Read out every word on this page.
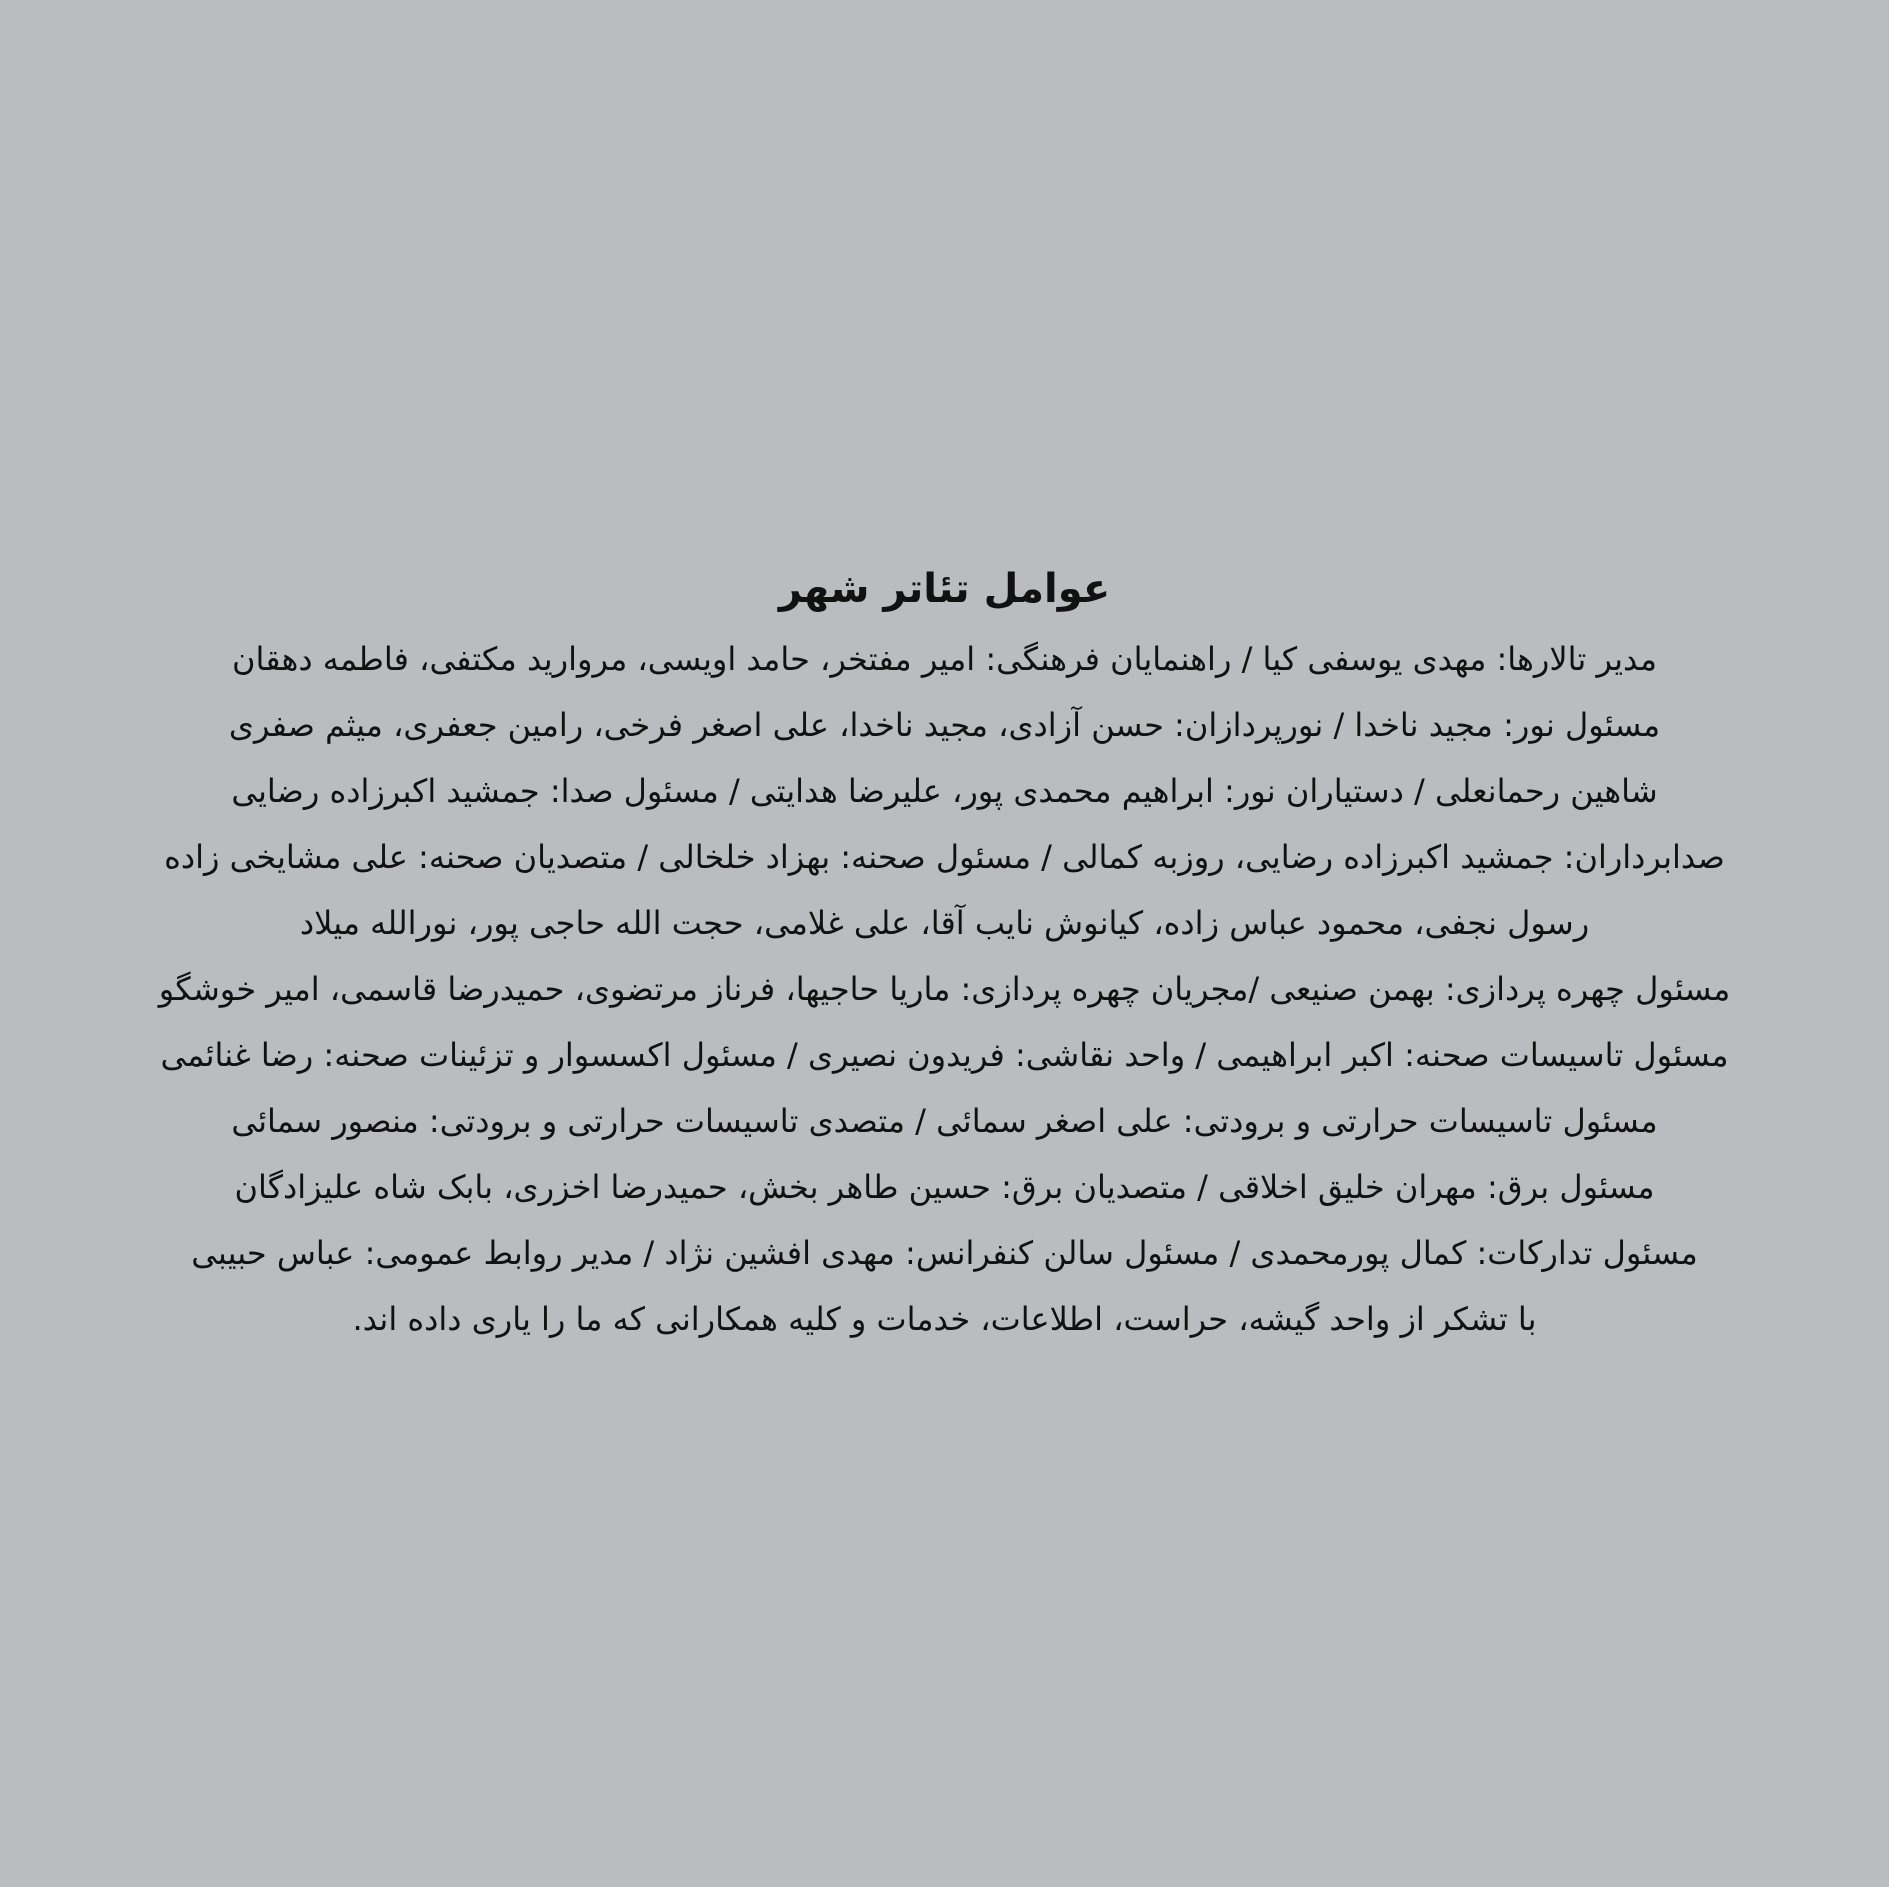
عوامل تئاتر شهر
مدیر تالارها: مهدی یوسفی کیا / راهنمایان فرهنگی: امیر مفتخر، حامد اویسی، مروارید مکتفی، فاطمه دهقان
مسئول نور: مجید ناخدا / نورپردازان: حسن آزادی، مجید ناخدا، علی اصغر فرخی، رامین جعفری، میثم صفری
شاهین رحمانعلی / دستیاران نور: ابراهیم محمدی پور، علیرضا هدایتی / مسئول صدا: جمشید اکبرزاده رضایی
صدابرداران: جمشید اکبرزاده رضایی، روزبه کمالی / مسئول صحنه: بهزاد خلخالی / متصدیان صحنه: علی مشایخی زاده
رسول نجفی، محمود عباس زاده، کیانوش نایب آقا، علی غلامی، حجت الله حاجی پور، نورالله میلاد
مسئول چهره پردازی: بهمن صنیعی /مجریان چهره پردازی: ماریا حاجیها، فرناز مرتضوی، حمیدرضا قاسمی، امیر خوشگو
مسئول تاسیسات صحنه: اکبر ابراهیمی / واحد نقاشی: فریدون نصیری / مسئول اکسسوار و تزئینات صحنه: رضا غنائمی
مسئول تاسیسات حرارتی و برودتی: علی اصغر سمائی / متصدی تاسیسات حرارتی و برودتی: منصور سمائی
مسئول برق: مهران خلیق اخلاقی / متصدیان برق: حسین طاهر بخش، حمیدرضا اخزری، بابک شاه علیزادگان
مسئول تدارکات: کمال پورمحمدی / مسئول سالن کنفرانس: مهدی افشین نژاد / مدیر روابط عمومی: عباس حبیبی
با تشکر از واحد گیشه، حراست، اطلاعات، خدمات و کلیه همکارانی که ما را یاری داده اند.
